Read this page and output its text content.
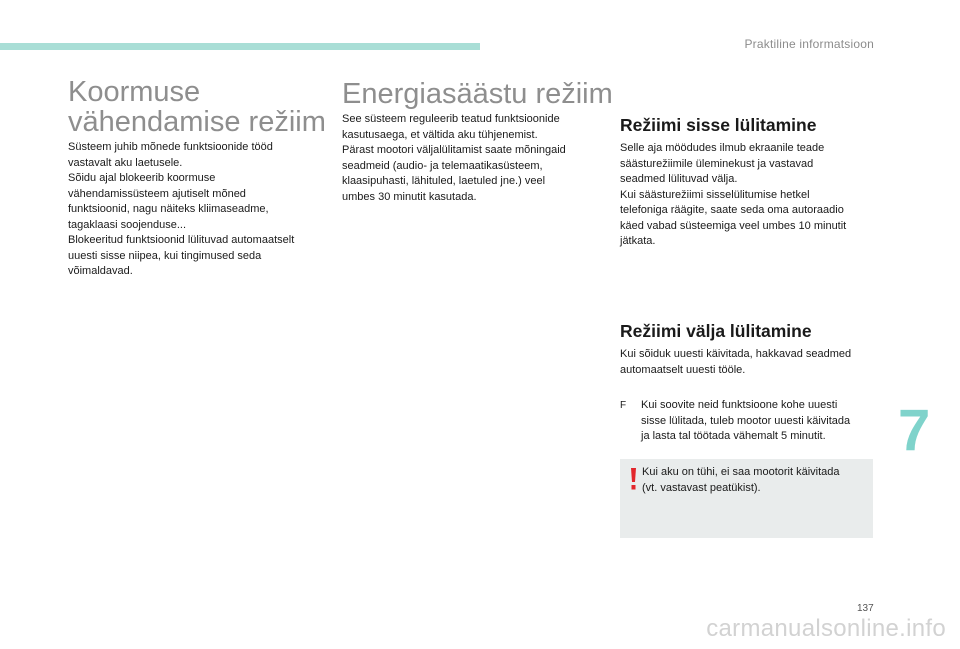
Praktiline informatsioon
Koormuse
vähendamise režiim

Süsteem juhib mõnede funktsioonide tööd
vastavalt aku laetusele.
Sõidu ajal blokeerib koormuse
vähendamissüsteem ajutiselt mõned
funktsioonid, nagu näiteks kliimaseadme,
tagaklaasi soojenduse...
Blokeeritud funktsioonid lülituvad automaatselt
uuesti sisse niipea, kui tingimused seda
võimaldavad.

Energiasäästu režiim

See süsteem reguleerib teatud funktsioonide
kasutusaega, et vältida aku tühjenemist.
Pärast mootori väljalülitamist saate mõningaid
seadmeid (audio- ja telemaatikasüsteem,
klaasipuhasti, lähituled, laetuled jne.) veel
umbes 30 minutit kasutada.

Režiimi sisse lülitamine

Selle aja möödudes ilmub ekraanile teade
säästurežiimile üleminekust ja vastavad
seadmed lülituvad välja.
Kui säästurežiimi sisselülitumise hetkel
telefoniga räägite, saate seda oma autoraadio
käed vabad süsteemiga veel umbes 10 minutit
jätkata.

Režiimi välja lülitamine

Kui sõiduk uuesti käivitada, hakkavad seadmed
automaatselt uuesti tööle.

F Kui soovite neid funktsioone kohe uuesti
sisse lülitada, tuleb mootor uuesti käivitada
ja lasta tal töötada vähemalt 5 minutit.
Kui aku on tühi, ei saa mootorit käivitada
(vt. vastavast peatükist).
7
137
carmanualsonline.info
